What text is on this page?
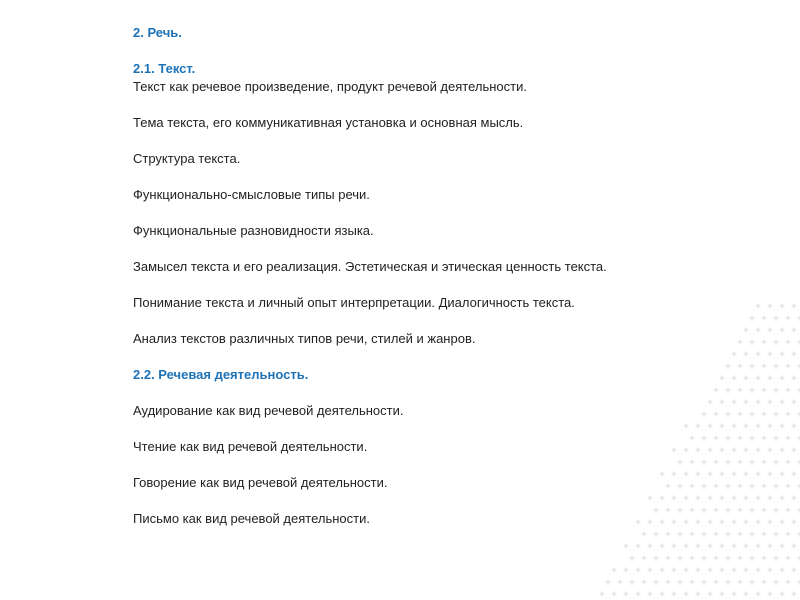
2. Речь.
2.1. Текст.
Текст как речевое произведение, продукт речевой деятельности.
Тема текста, его коммуникативная установка и основная мысль.
Структура текста.
Функционально-смысловые типы речи.
Функциональные разновидности языка.
Замысел текста и его реализация. Эстетическая и этическая ценность текста.
Понимание текста и личный опыт интерпретации. Диалогичность текста.
Анализ текстов различных типов речи, стилей и жанров.
2.2. Речевая деятельность.
Аудирование как вид речевой деятельности.
Чтение как вид речевой деятельности.
Говорение как вид речевой деятельности.
Письмо как вид речевой деятельности.
